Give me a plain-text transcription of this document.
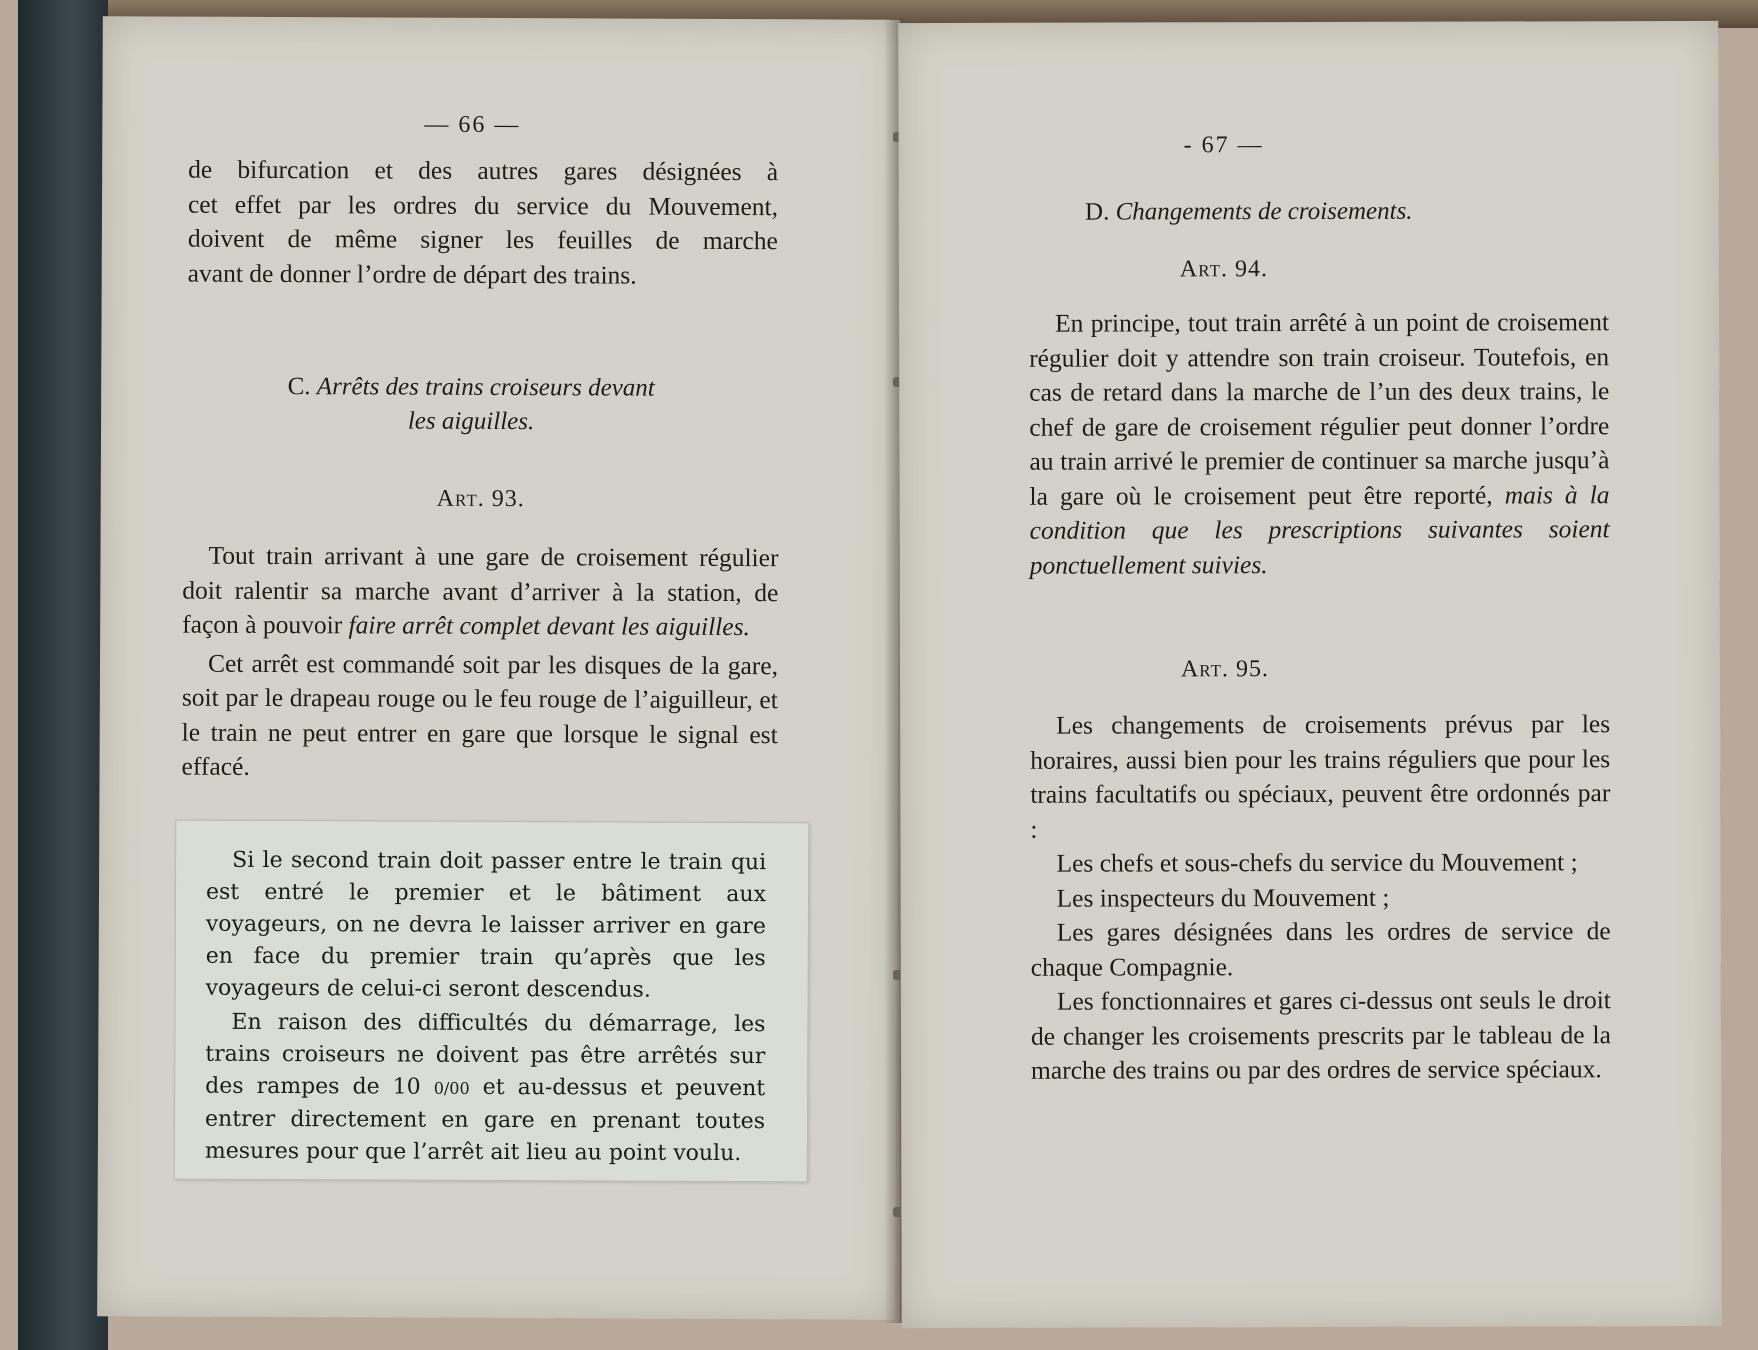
— 66 —

de bifurcation et des autres gares désignées à

cet effet par les ordres du service du Mouvement,

doivent de même signer les feuilles de marche

avant de donner l’ordre de départ des trains.

C. Arrêts des trains croiseurs devant
les aiguilles.
Art. 93.

Tout train arrivant à une gare de croisement régulier doit ralentir sa marche avant d’arriver à la station, de façon à pouvoir faire arrêt complet devant les aiguilles.

Cet arrêt est commandé soit par les disques de la gare, soit par le drapeau rouge ou le feu rouge de l’aiguilleur, et le train ne peut entrer en gare que lorsque le signal est effacé.

Si le second train doit passer entre le train qui est entré le premier et le bâtiment aux voyageurs, on ne devra le laisser arriver en gare en face du premier train qu’après que les voyageurs de celui-ci seront descendus.

En raison des difficultés du démarrage, les trains croiseurs ne doivent pas être arrêtés sur des rampes de 10 0/00 et au-dessus et peuvent entrer directement en gare en prenant toutes mesures pour que l’arrêt ait lieu au point voulu.

- 67 —
D. Changements de croisements.
Art. 94.

En principe, tout train arrêté à un point de croisement régulier doit y attendre son train croiseur. Toutefois, en cas de retard dans la marche de l’un des deux trains, le chef de gare de croisement régulier peut donner l’ordre au train arrivé le premier de continuer sa marche jusqu’à la gare où le croisement peut être reporté, mais à la condition que les prescriptions suivantes soient ponctuellement suivies.

Art. 95.

Les changements de croisements prévus par les horaires, aussi bien pour les trains réguliers que pour les trains facultatifs ou spéciaux, peuvent être ordonnés par :

Les chefs et sous-chefs du service du Mouvement ;

Les inspecteurs du Mouvement ;

Les gares désignées dans les ordres de service de chaque Compagnie.

Les fonctionnaires et gares ci-dessus ont seuls le droit de changer les croisements prescrits par le tableau de la marche des trains ou par des ordres de service spéciaux.
